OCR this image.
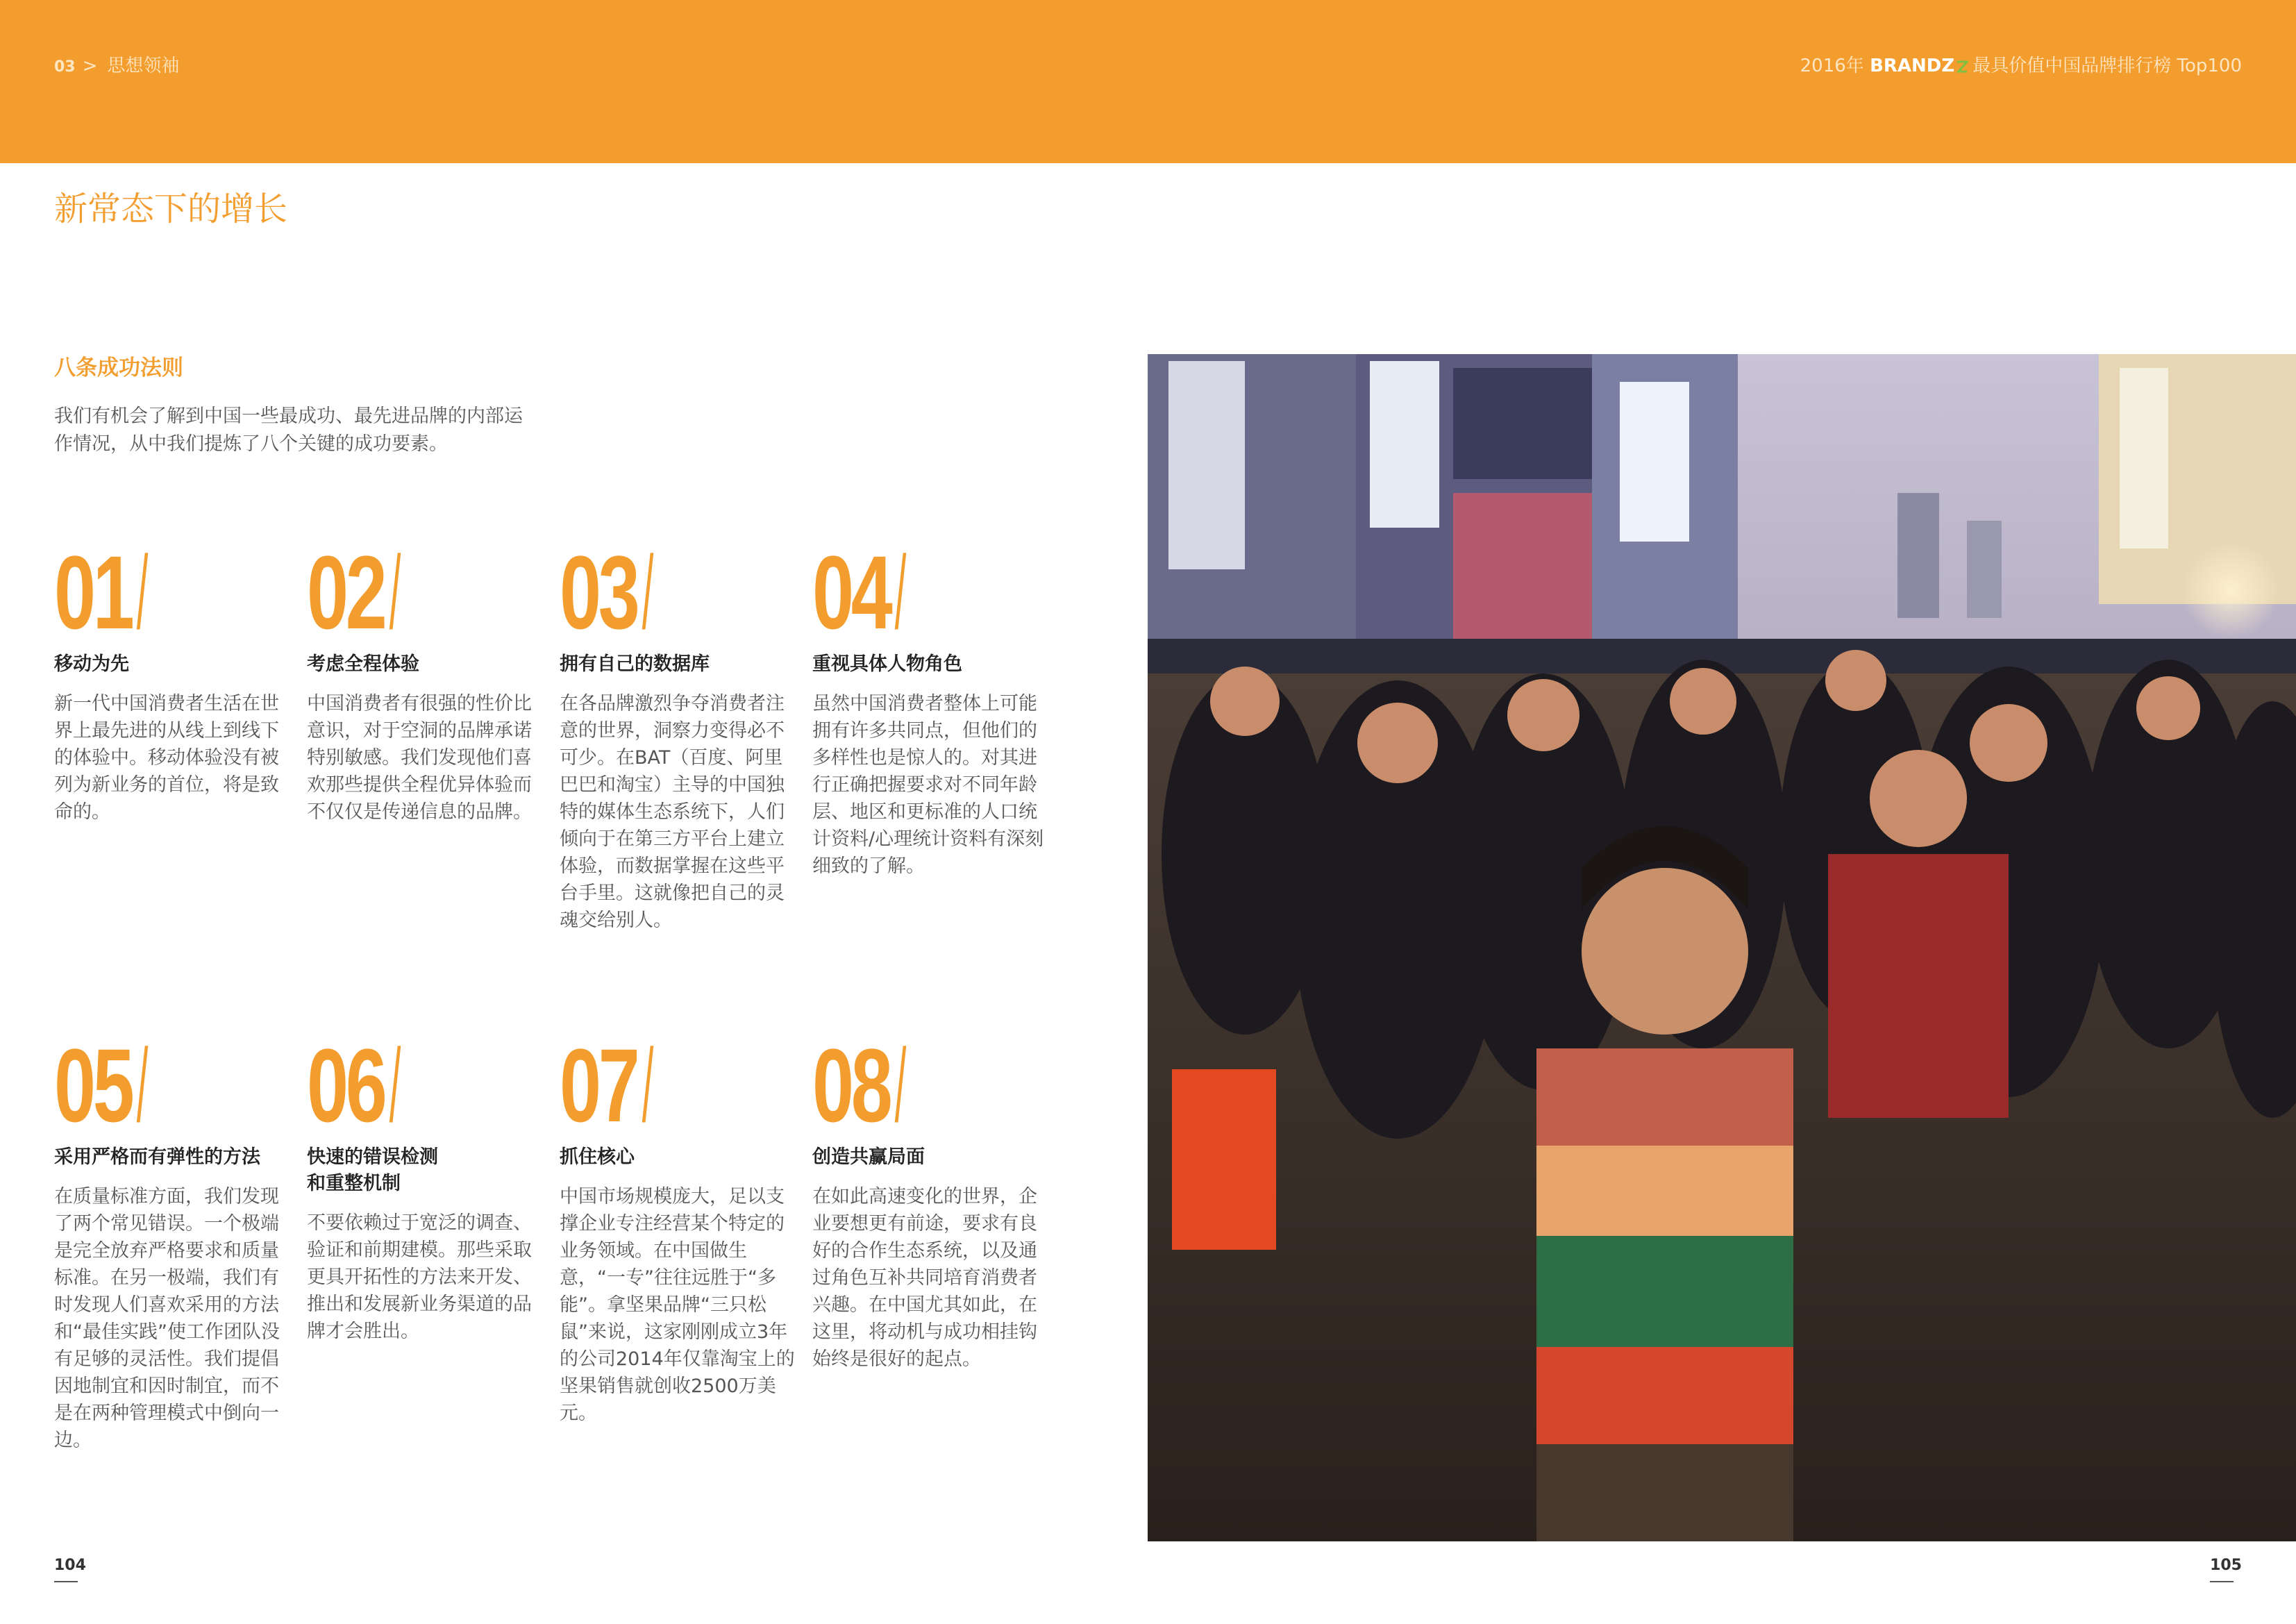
03 > 思想领袖	2016年 BRANDZ 最具价值中国品牌排行榜 Top100
新常态下的增长
八条成功法则
我们有机会了解到中国一些最成功、最先进品牌的内部运作情况，从中我们提炼了八个关键的成功要素。
01/
移动为先
新一代中国消费者生活在世界上最先进的从线上到线下的体验中。移动体验没有被列为新业务的首位，将是致命的。
02/
考虑全程体验
中国消费者有很强的性价比意识，对于空洞的品牌承诺特别敏感。我们发现他们喜欢那些提供全程优异体验而不仅仅是传递信息的品牌。
03/
拥有自己的数据库
在各品牌激烈争夺消费者注意的世界，洞察力变得必不可少。在BAT（百度、阿里巴巴和淘宝）主导的中国独特的媒体生态系统下，人们倾向于在第三方平台上建立体验，而数据掌握在这些平台手里。这就像把自己的灵魂交给别人。
04/
重视具体人物角色
虽然中国消费者整体上可能拥有许多共同点，但他们的多样性也是惊人的。对其进行正确把握要求对不同年龄层、地区和更标准的人口统计资料/心理统计资料有深刻细致的了解。
05/
采用严格而有弹性的方法
在质量标准方面，我们发现了两个常见错误。一个极端是完全放弃严格要求和质量标准。在另一极端，我们有时发现人们喜欢采用的方法和“最佳实践”使工作团队没有足够的灵活性。我们提倡因地制宜和因时制宜，而不是在两种管理模式中倒向一边。
06/
快速的错误检测和重整机制
不要依赖过于宽泛的调查、验证和前期建模。那些采取更具开拓性的方法来开发、推出和发展新业务渠道的品牌才会胜出。
07/
抓住核心
中国市场规模庞大，足以支撑企业专注经营某个特定的业务领域。在中国做生意，“一专”往往远胜于“多能”。拿坚果品牌“三只松鼠”来说，这家刚刚成立3年的公司2014年仅靠淘宝上的坚果销售就创收2500万美元。
08/
创造共赢局面
在如此高速变化的世界，企业要想更有前途，要求有良好的合作生态系统，以及通过角色互补共同培育消费者兴趣。在中国尤其如此，在这里，将动机与成功相挂钩始终是很好的起点。
104	105
